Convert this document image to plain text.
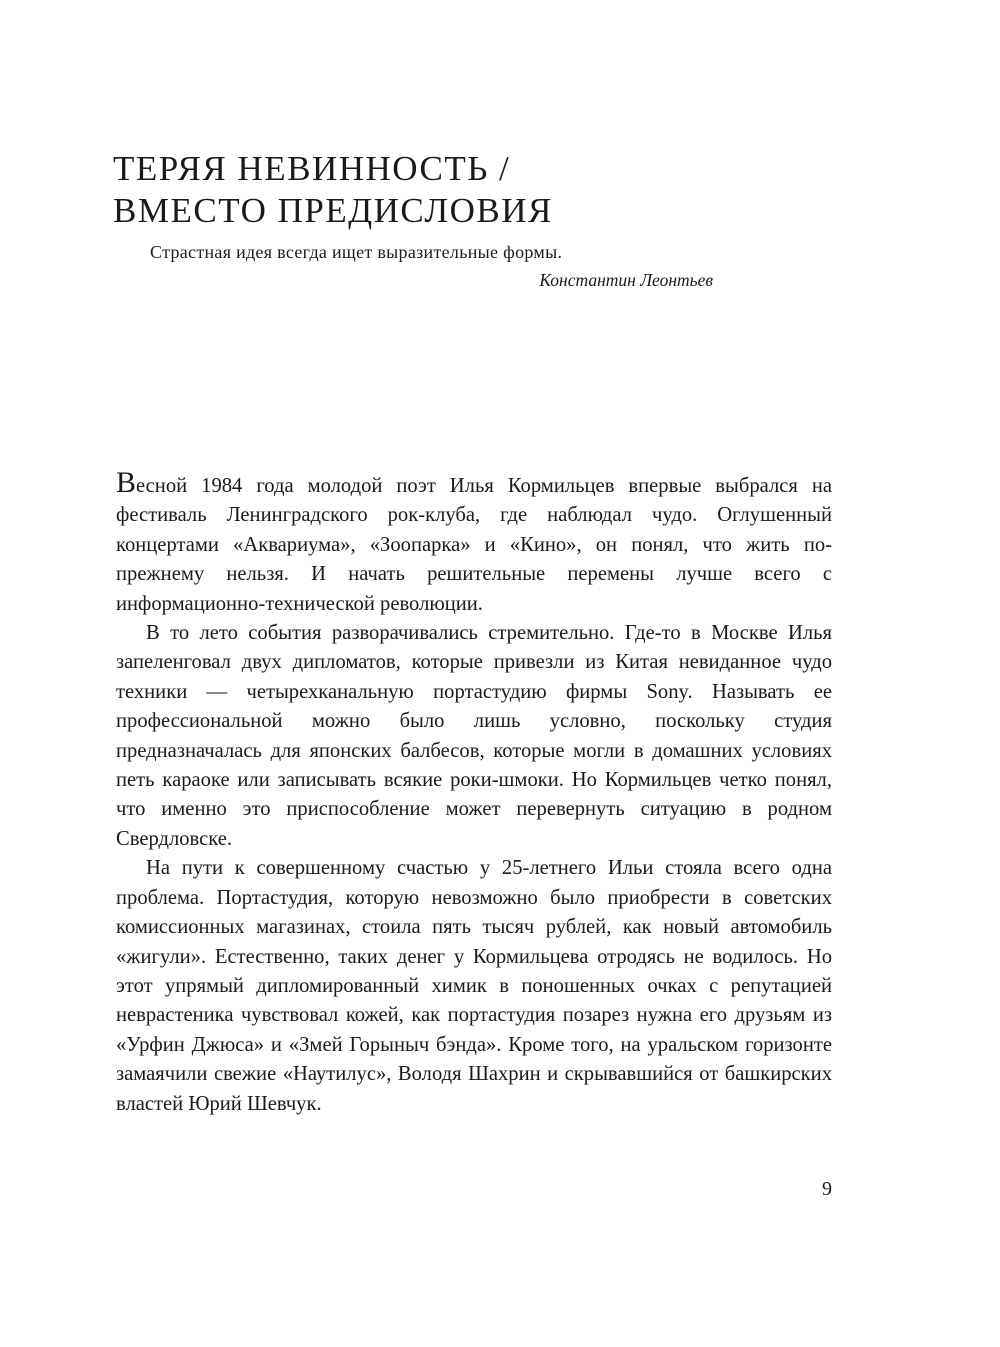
ТЕРЯЯ НЕВИННОСТЬ /
ВМЕСТО ПРЕДИСЛОВИЯ

Страстная идея всегда ищет выразительные формы.

Константин Леонтьев

Весной 1984 года молодой поэт Илья Кормильцев впервые выбрался на фестиваль Ленинградского рок-клуба, где наблюдал чудо. Оглушенный концертами «Аквариума», «Зоопарка» и «Кино», он понял, что жить по-прежнему нельзя. И начать решительные перемены лучше всего с информационно-технической революции.

В то лето события разворачивались стремительно. Где-то в Москве Илья запеленговал двух дипломатов, которые привезли из Китая невиданное чудо техники — четырехканальную портастудию фирмы Sony. Называть ее профессиональной можно было лишь условно, поскольку студия предназначалась для японских балбесов, которые могли в домашних условиях петь караоке или записывать всякие роки-шмоки. Но Кормильцев четко понял, что именно это приспособление может перевернуть ситуацию в родном Свердловске.

На пути к совершенному счастью у 25-летнего Ильи стояла всего одна проблема. Портастудия, которую невозможно было приобрести в советских комиссионных магазинах, стоила пять тысяч рублей, как новый автомобиль «жигули». Естественно, таких денег у Кормильцева отродясь не водилось. Но этот упрямый дипломированный химик в поношенных очках с репутацией неврастеника чувствовал кожей, как портастудия позарез нужна его друзьям из «Урфин Джюса» и «Змей Горыныч бэнда». Кроме того, на уральском горизонте замаячили свежие «Наутилус», Володя Шахрин и скрывавшийся от башкирских властей Юрий Шевчук.

9
